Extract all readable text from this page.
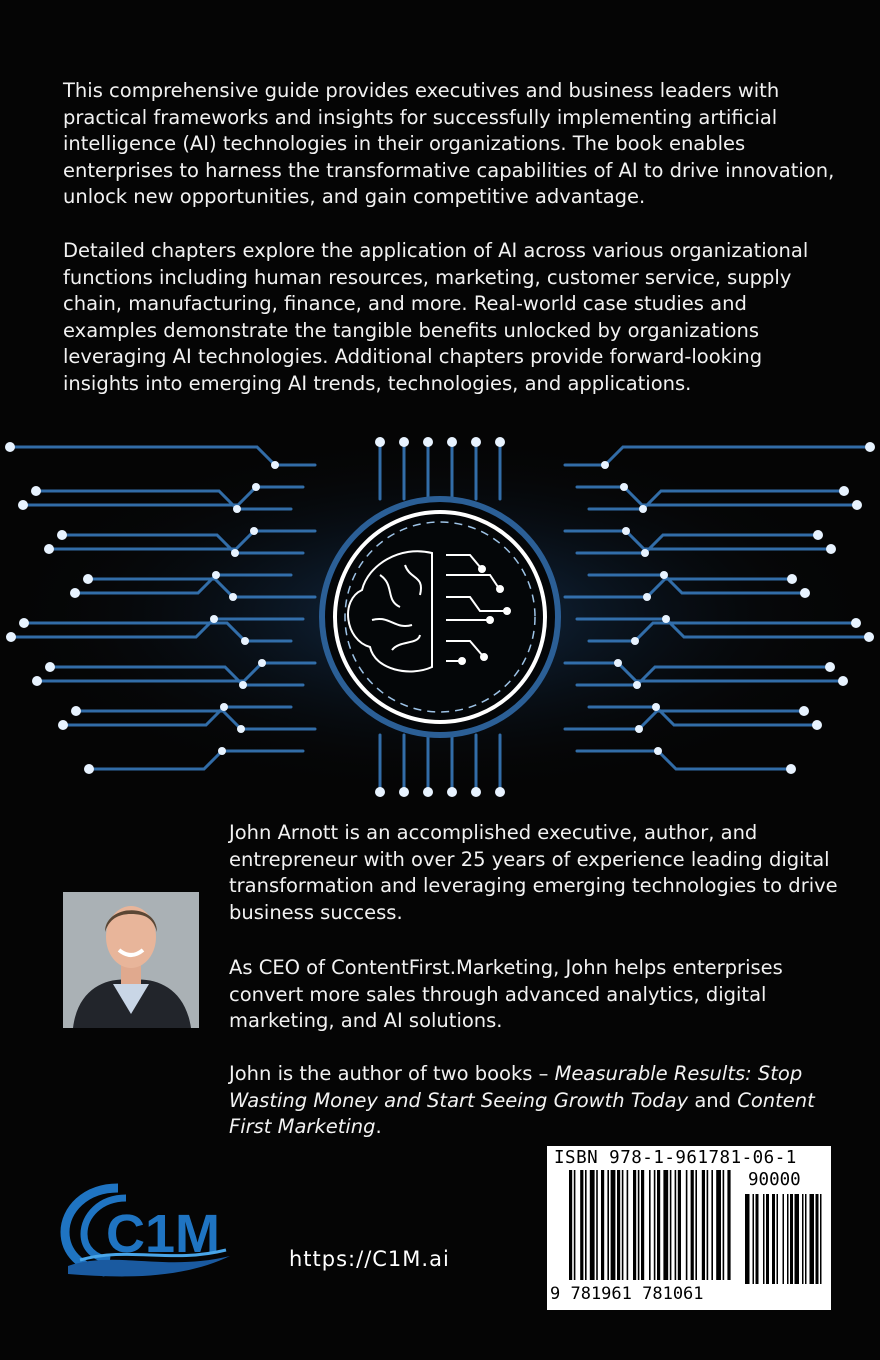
This comprehensive guide provides executives and business leaders with practical frameworks and insights for successfully implementing artificial intelligence (AI) technologies in their organizations. The book enables enterprises to harness the transformative capabilities of AI to drive innovation, unlock new opportunities, and gain competitive advantage.

Detailed chapters explore the application of AI across various organizational functions including human resources, marketing, customer service, supply chain, manufacturing, finance, and more. Real-world case studies and examples demonstrate the tangible benefits unlocked by organizations leveraging AI technologies. Additional chapters provide forward-looking insights into emerging AI trends, technologies, and applications.

John Arnott is an accomplished executive, author, and entrepreneur with over 25 years of experience leading digital transformation and leveraging emerging technologies to drive business success.

As CEO of ContentFirst.Marketing, John helps enterprises convert more sales through advanced analytics, digital marketing, and AI solutions.

John is the author of two books – Measurable Results: Stop Wasting Money and Start Seeing Growth Today and Content First Marketing.

C1M	https://C1M.ai
ISBN 978-1-961781-06-1
90000
9 781961 781061
